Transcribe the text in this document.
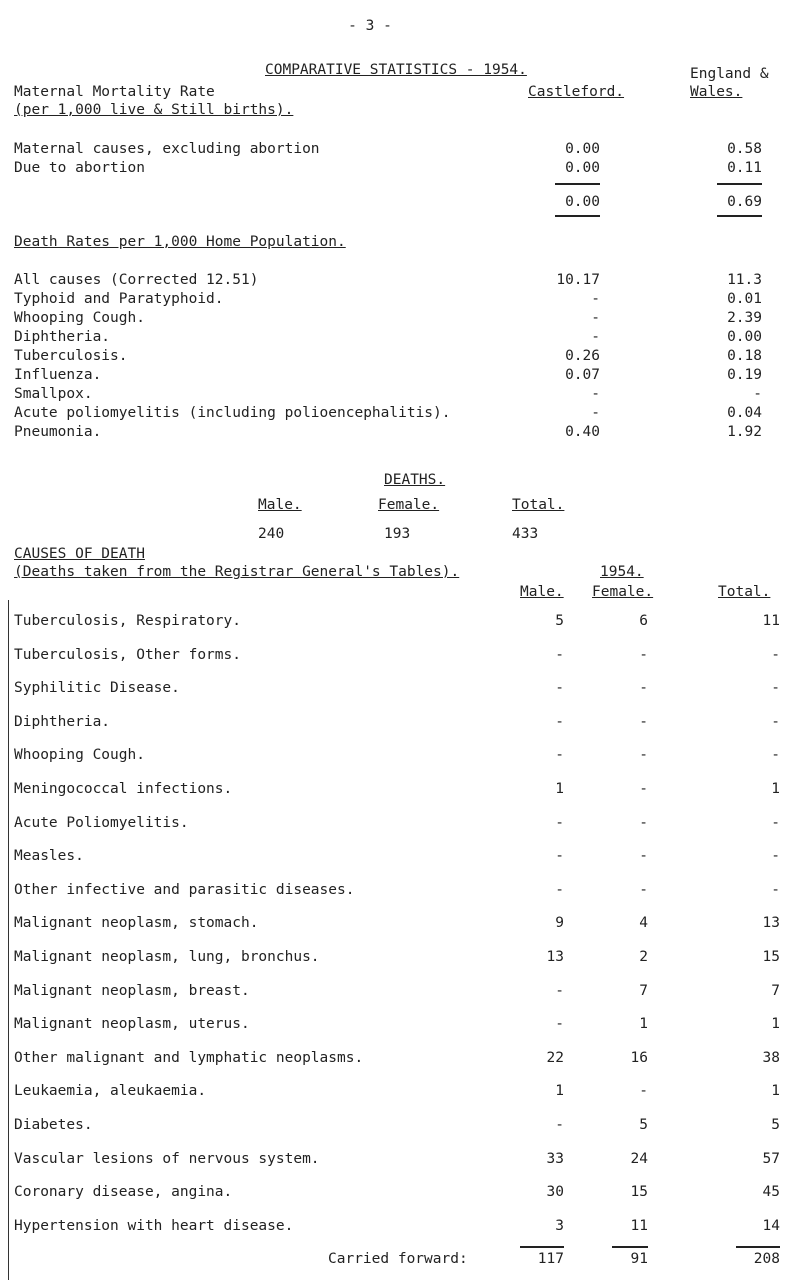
- 3 -
COMPARATIVE STATISTICS - 1954.
Maternal Mortality Rate
(per 1,000 live & Still births).
Castleford.
England &
Wales.
Maternal causes, excluding abortion	0.00	0.58
Due to abortion	0.00	0.11
0.00	0.69
Death Rates per 1,000 Home Population.
All causes (Corrected 12.51)	10.17	11.3
Typhoid and Paratyphoid.	-	0.01
Whooping Cough.	-	2.39
Diphtheria.	-	0.00
Tuberculosis.	0.26	0.18
Influenza.	0.07	0.19
Smallpox.	-	-
Acute poliomyelitis (including polioencephalitis).	-	0.04
Pneumonia.	0.40	1.92
DEATHS.
Male.	Female.	Total.
240	193	433
CAUSES OF DEATH
(Deaths taken from the Registrar General's Tables).	1954.
Male. Female.	Total.
Tuberculosis, Respiratory.	5	6	11
Tuberculosis, Other forms.	-	-	-
Syphilitic Disease.	-	-	-
Diphtheria.	-	-	-
Whooping Cough.	-	-	-
Meningococcal infections.	1	-	1
Acute Poliomyelitis.	-	-	-
Measles.	-	-	-
Other infective and parasitic diseases.	-	-	-
Malignant neoplasm, stomach.	9	4	13
Malignant neoplasm, lung, bronchus.	13	2	15
Malignant neoplasm, breast.	-	7	7
Malignant neoplasm, uterus.	-	1	1
Other malignant and lymphatic neoplasms.	22	16	38
Leukaemia, aleukaemia.	1	-	1
Diabetes.	-	5	5
Vascular lesions of nervous system.	33	24	57
Coronary disease, angina.	30	15	45
Hypertension with heart disease.	3	11	14
Carried forward:	117	91	208
